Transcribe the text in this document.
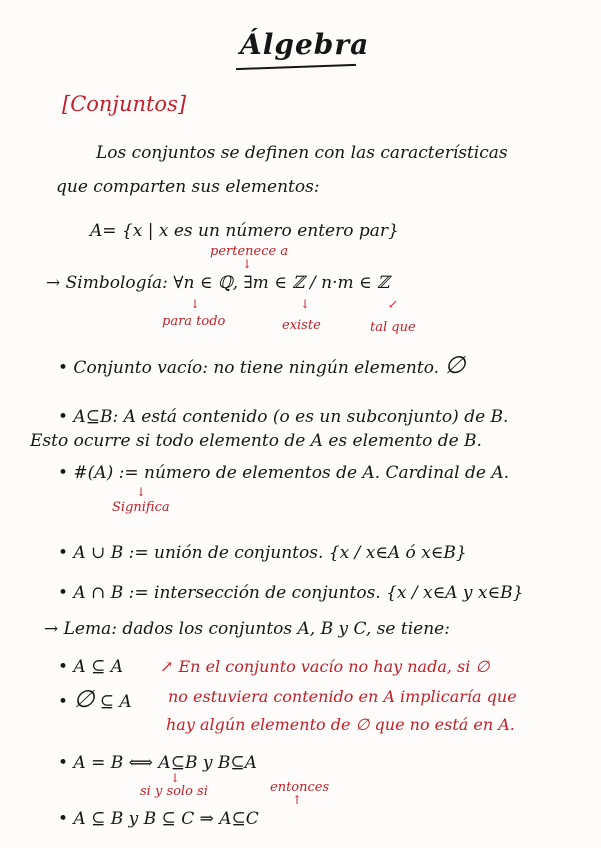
Álgebra
[Conjuntos]
Los conjuntos se definen con las características
que comparten sus elementos:
A= {x | x es un número entero par}
pertenece a
↓
→ Simbología: ∀n ∈ ℚ, ∃m ∈ ℤ / n·m ∈ ℤ
↓	↓	↙
para todo	existe	tal que
• Conjunto vacío: no tiene ningún elemento. ∅
• A⊆B: A está contenido (o es un subconjunto) de B.
Esto ocurre si todo elemento de A es elemento de B.
• #(A) := número de elementos de A. Cardinal de A.
↓
Significa
• A ∪ B := unión de conjuntos. {x / x∈A ó x∈B}
• A ∩ B := intersección de conjuntos. {x / x∈A y x∈B}
→ Lema: dados los conjuntos A, B y C, se tiene:
• A ⊆ A
• ∅ ⊆ A
↗ En el conjunto vacío no hay nada, si ∅
no estuviera contenido en A implicaría que
hay algún elemento de ∅ que no está en A.
• A = B ⟺ A⊆B y B⊆A
↓
si y solo si	entonces
↑
• A ⊆ B y B ⊆ C ⇒ A⊆C
